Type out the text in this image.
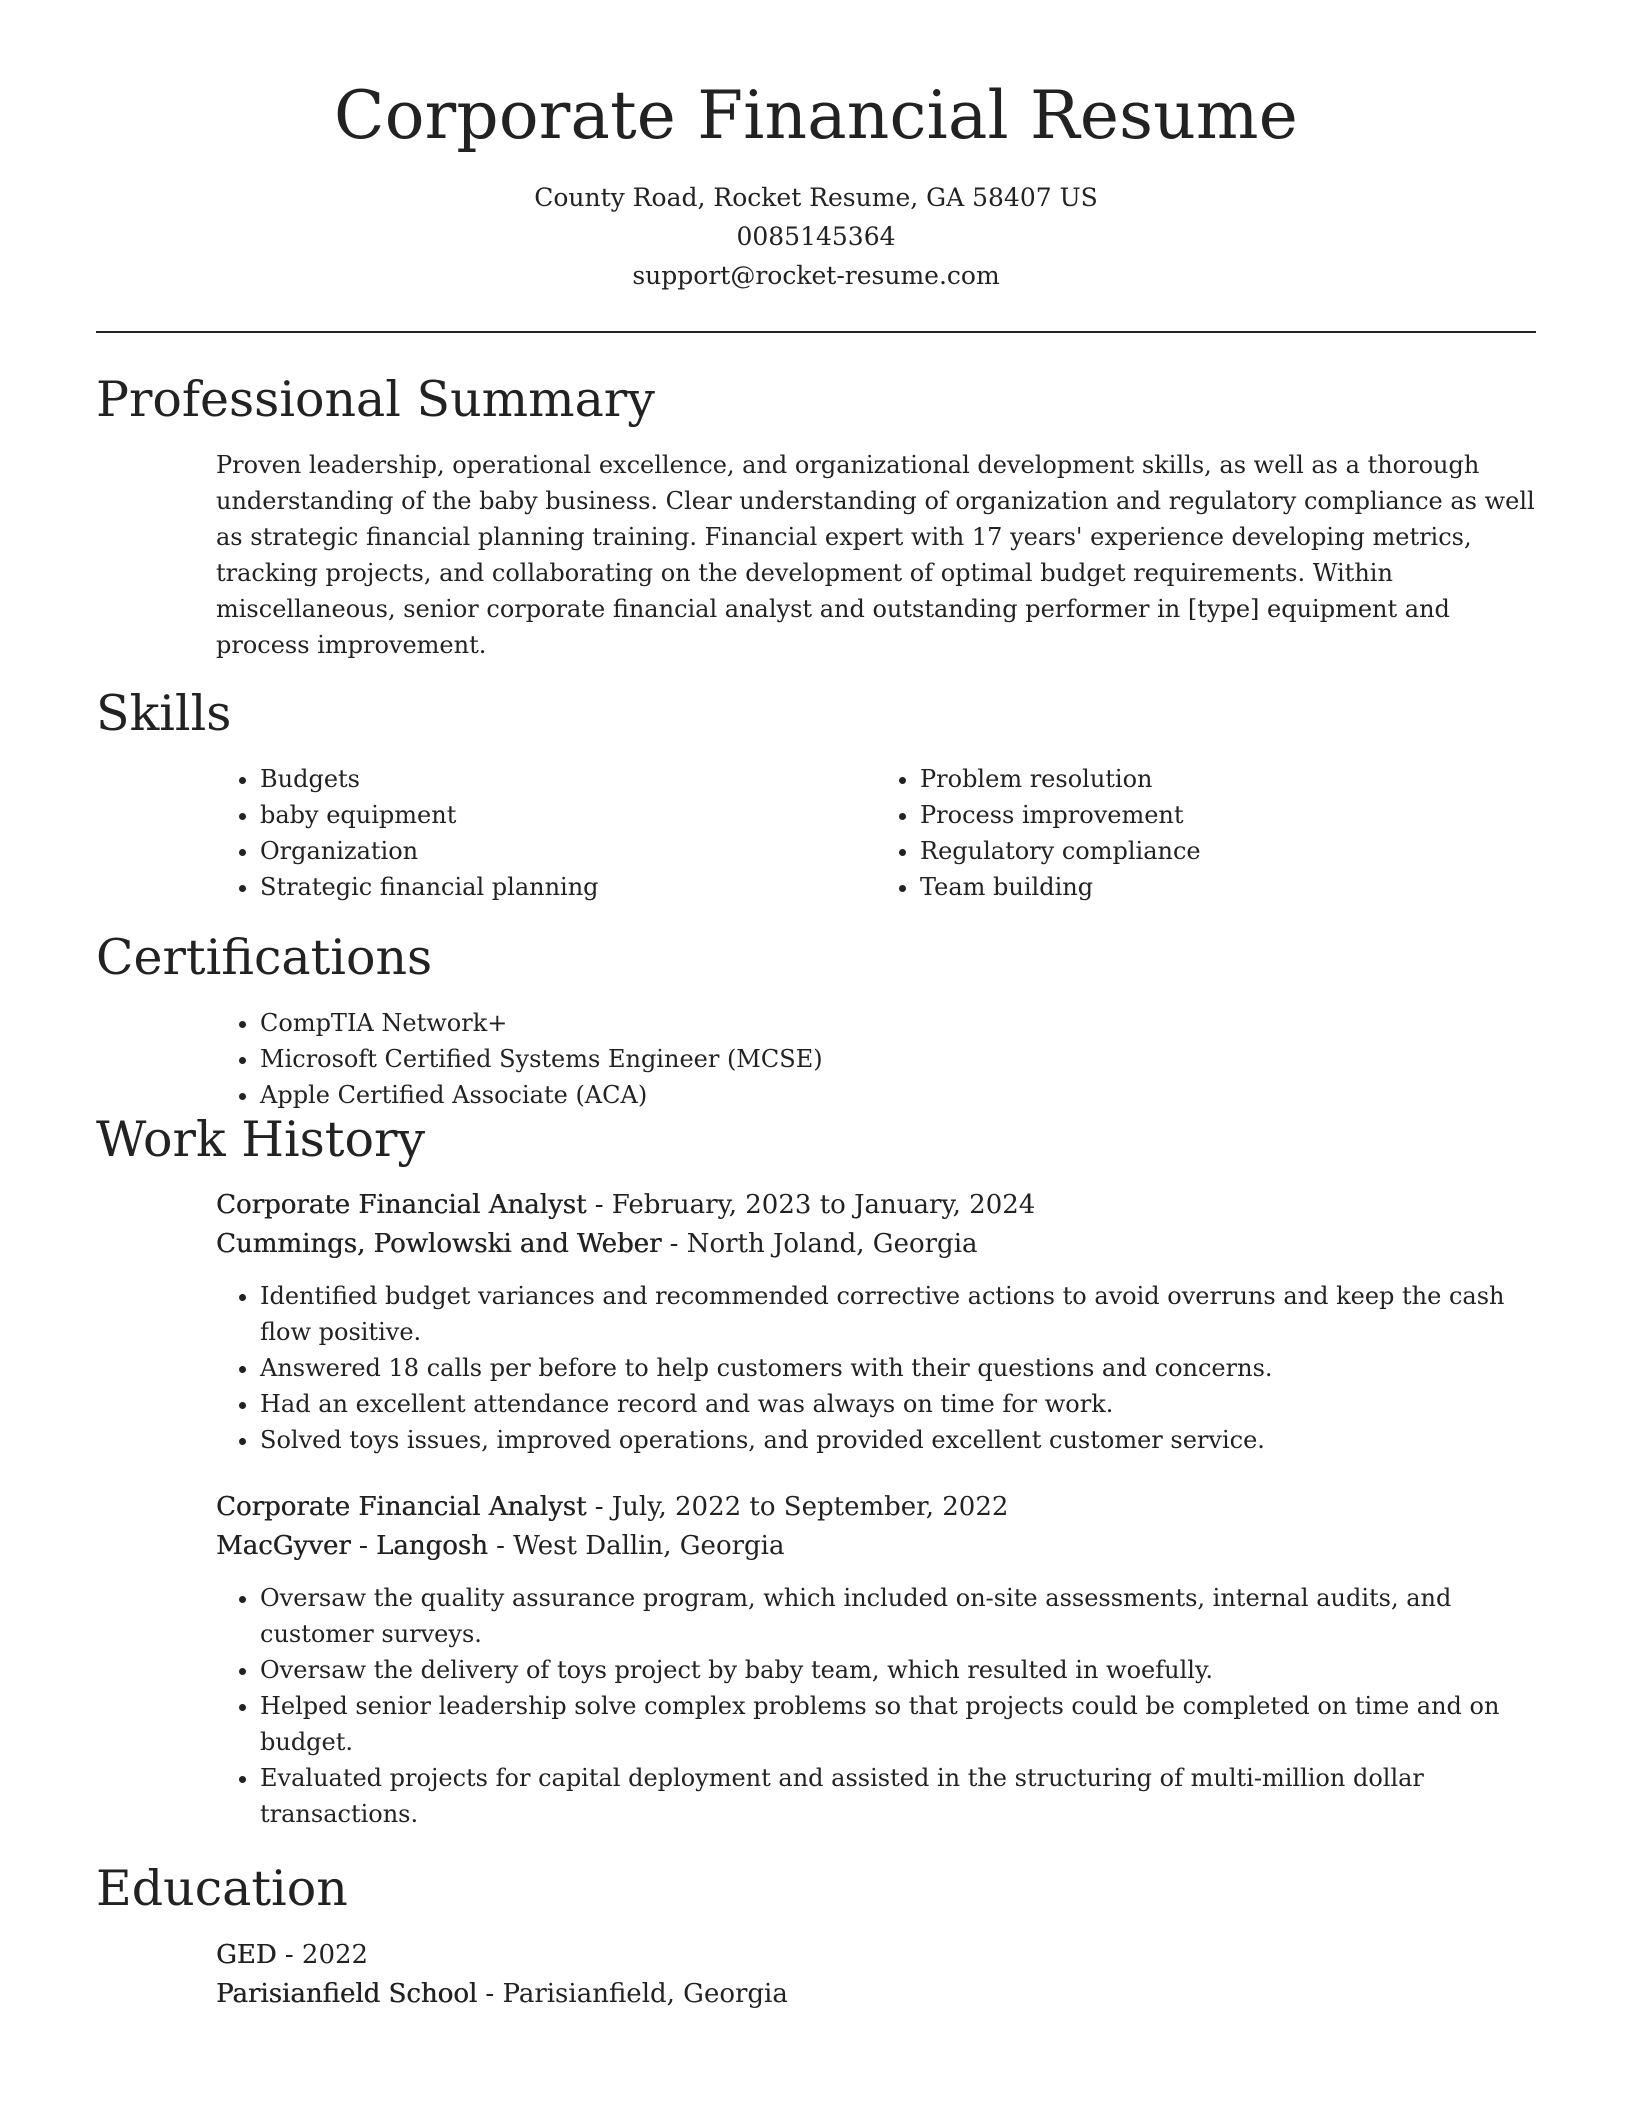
Corporate Financial Resume
County Road, Rocket Resume, GA 58407 US
0085145364
support@rocket-resume.com
Professional Summary

Proven leadership, operational excellence, and organizational development skills, as well as a thorough understanding of the baby business. Clear understanding of organization and regulatory compliance as well as strategic financial planning training. Financial expert with 17 years' experience developing metrics, tracking projects, and collaborating on the development of optimal budget requirements. Within miscellaneous, senior corporate financial analyst and outstanding performer in [type] equipment and process improvement.

Skills
• Budgets
• baby equipment
• Organization
• Strategic financial planning
• Problem resolution
• Process improvement
• Regulatory compliance
• Team building
Certifications
• CompTIA Network+
• Microsoft Certified Systems Engineer (MCSE)
• Apple Certified Associate (ACA)
Work History
Corporate Financial Analyst - February, 2023 to January, 2024
Cummings, Powlowski and Weber - North Joland, Georgia
• Identified budget variances and recommended corrective actions to avoid overruns and keep the cash flow positive.
• Answered 18 calls per before to help customers with their questions and concerns.
• Had an excellent attendance record and was always on time for work.
• Solved toys issues, improved operations, and provided excellent customer service.
Corporate Financial Analyst - July, 2022 to September, 2022
MacGyver - Langosh - West Dallin, Georgia
• Oversaw the quality assurance program, which included on-site assessments, internal audits, and customer surveys.
• Oversaw the delivery of toys project by baby team, which resulted in woefully.
• Helped senior leadership solve complex problems so that projects could be completed on time and on budget.
• Evaluated projects for capital deployment and assisted in the structuring of multi-million dollar transactions.
Education
GED - 2022
Parisianfield School - Parisianfield, Georgia
